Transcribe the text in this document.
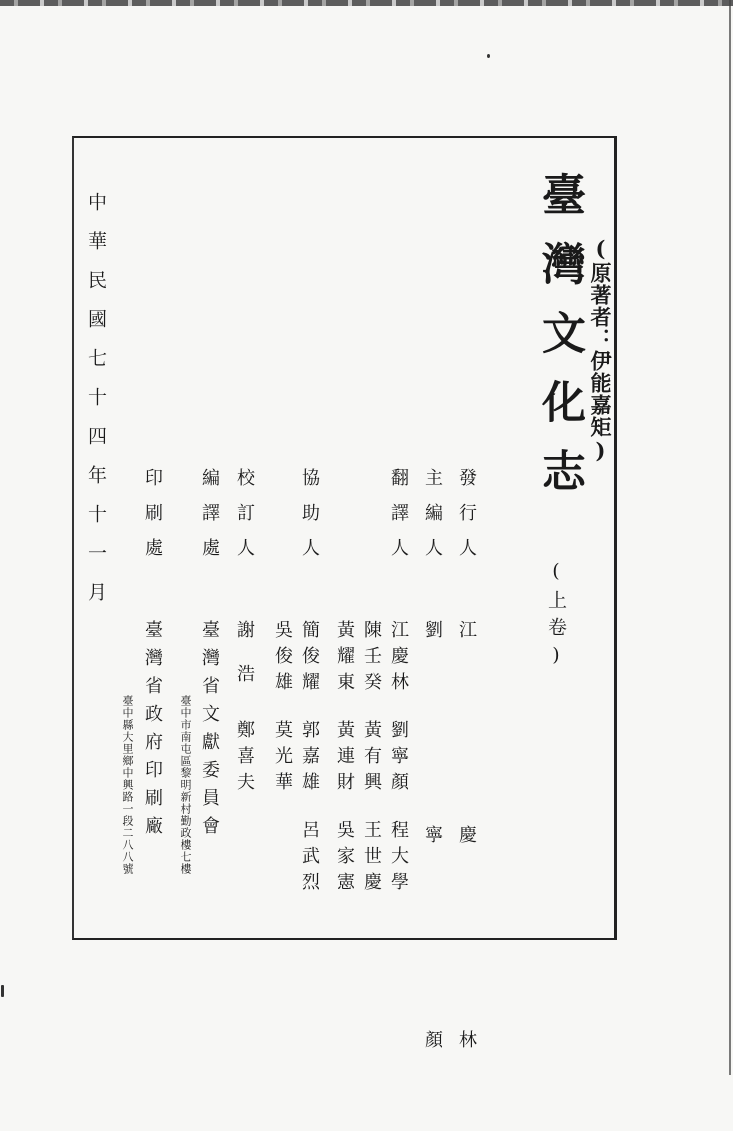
臺灣文化志 (原著者：伊能嘉矩)
(上卷)
中華民國七十四年十一月	發行人
主編人
翻譯人
協助人
校訂人
編譯處
印刷處
江 慶 林
劉 寧 顏
江慶林
劉寧顏
程大學
陳壬癸
黃有興
王世慶
黃耀東
黃連財
吳家憲
簡俊耀
郭嘉雄
呂武烈
吳俊雄
莫光華
謝浩
鄭喜夫
臺灣省文獻委員會
臺中市南屯區黎明新村勤政樓七樓
臺灣省政府印刷廠
臺中縣大里鄉中興路一段二八八號
